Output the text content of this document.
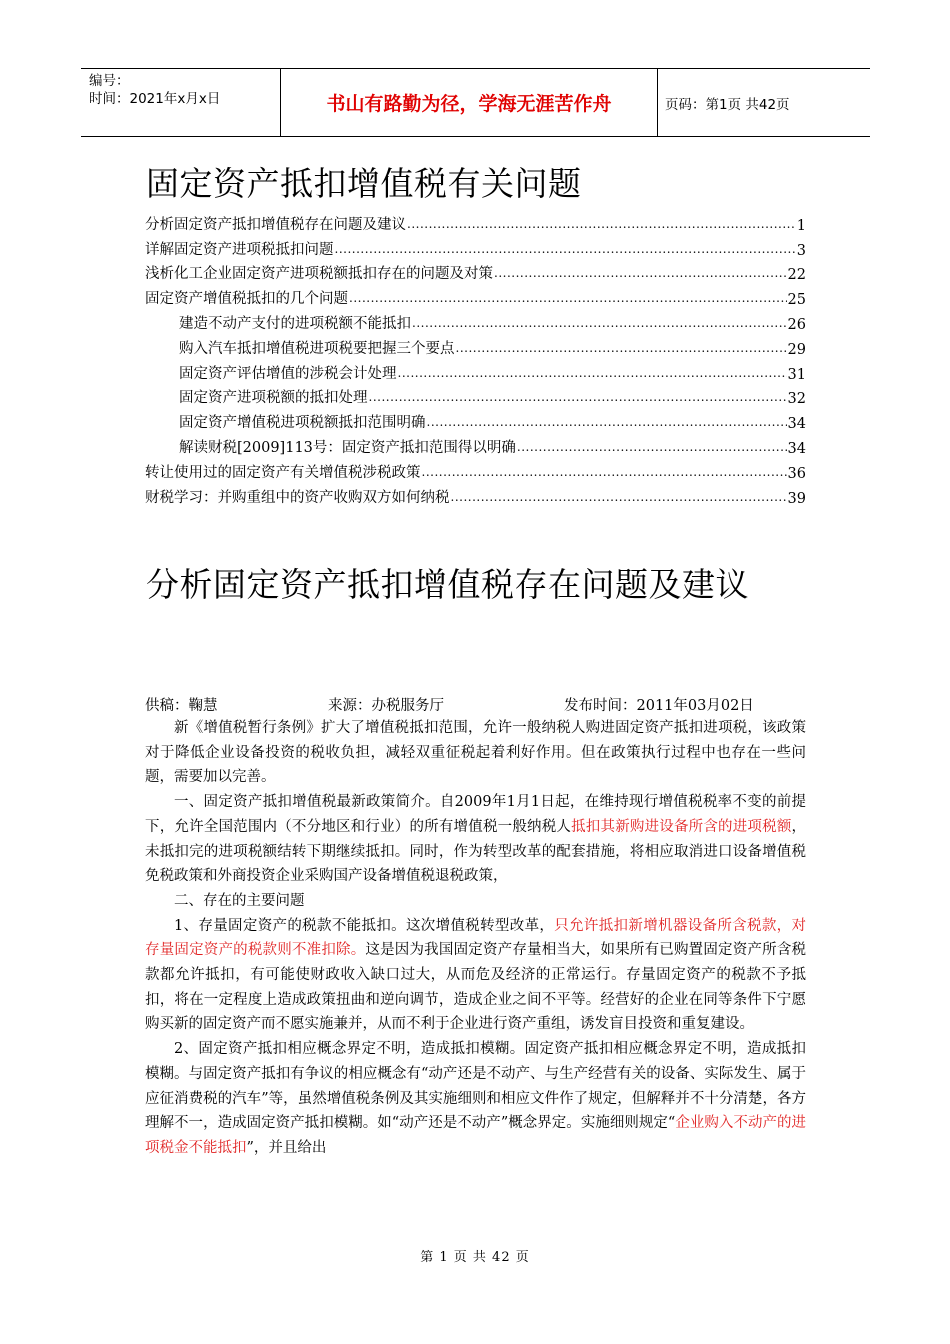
编号：
时间：2021年x月x日	书山有路勤为径，学海无涯苦作舟	页码：第1页 共42页
固定资产抵扣增值税有关问题
分析固定资产抵扣增值税存在问题及建议 .....	1
详解固定资产进项税抵扣问题 .....	3
浅析化工企业固定资产进项税额抵扣存在的问题及对策 .....	22
固定资产增值税抵扣的几个问题 .....	25
建造不动产支付的进项税额不能抵扣 .....	26
购入汽车抵扣增值税进项税要把握三个要点 .....	29
固定资产评估增值的涉税会计处理 .....	31
固定资产进项税额的抵扣处理 .....	32
固定资产增值税进项税额抵扣范围明确 .....	34
解读财税[2009]113号：固定资产抵扣范围得以明确 .....	34
转让使用过的固定资产有关增值税涉税政策 .....	36
财税学习：并购重组中的资产收购双方如何纳税 .....	39
分析固定资产抵扣增值税存在问题及建议
供稿：鞠慧	来源：办税服务厅	发布时间：2011年03月02日

新《增值税暂行条例》扩大了增值税抵扣范围，允许一般纳税人购进固定资产抵扣进项税，该政策对于降低企业设备投资的税收负担，减轻双重征税起着利好作用。但在政策执行过程中也存在一些问题，需要加以完善。

一、固定资产抵扣增值税最新政策简介。自2009年1月1日起，在维持现行增值税税率不变的前提下，允许全国范围内（不分地区和行业）的所有增值税一般纳税人抵扣其新购进设备所含的进项税额，未抵扣完的进项税额结转下期继续抵扣。同时，作为转型改革的配套措施，将相应取消进口设备增值税免税政策和外商投资企业采购国产设备增值税退税政策，

二、存在的主要问题

1、存量固定资产的税款不能抵扣。这次增值税转型改革，只允许抵扣新增机器设备所含税款，对存量固定资产的税款则不准扣除。这是因为我国固定资产存量相当大，如果所有已购置固定资产所含税款都允许抵扣，有可能使财政收入缺口过大，从而危及经济的正常运行。存量固定资产的税款不予抵扣，将在一定程度上造成政策扭曲和逆向调节，造成企业之间不平等。经营好的企业在同等条件下宁愿购买新的固定资产而不愿实施兼并，从而不利于企业进行资产重组，诱发盲目投资和重复建设。

2、固定资产抵扣相应概念界定不明，造成抵扣模糊。固定资产抵扣相应概念界定不明，造成抵扣模糊。与固定资产抵扣有争议的相应概念有“动产还是不动产、与生产经营有关的设备、实际发生、属于应征消费税的汽车”等，虽然增值税条例及其实施细则和相应文件作了规定，但解释并不十分清楚，各方理解不一，造成固定资产抵扣模糊。如“动产还是不动产”概念界定。实施细则规定“企业购入不动产的进项税金不能抵扣”，并且给出

第 1 页 共 42 页
